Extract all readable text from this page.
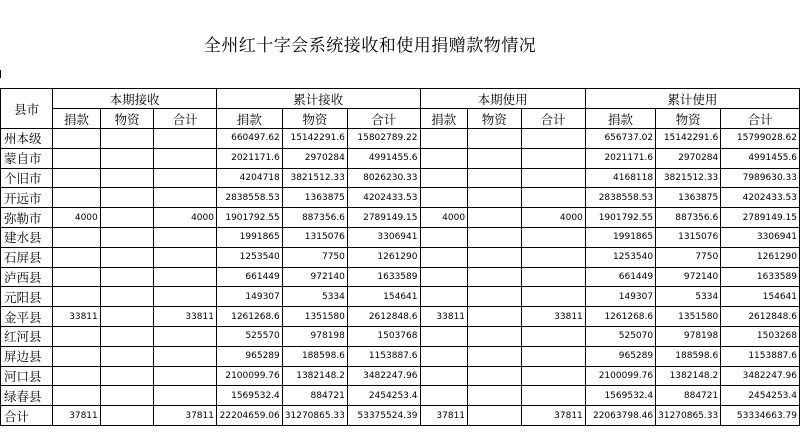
全州红十字会系统接收和使用捐赠款物情况
县市	本期接收			累计接收			本期使用			累计使用		
	捐款	物资	合计	捐款	物资	合计	捐款	物资	合计	捐款	物资	合计
州本级				660497.62	15142291.6	15802789.22				656737.02	15142291.6	15799028.62
蒙自市				2021171.6	2970284	4991455.6				2021171.6	2970284	4991455.6
个旧市				4204718	3821512.33	8026230.33				4168118	3821512.33	7989630.33
开远市				2838558.53	1363875	4202433.53				2838558.53	1363875	4202433.53
弥勒市	4000		4000	1901792.55	887356.6	2789149.15	4000		4000	1901792.55	887356.6	2789149.15
建水县				1991865	1315076	3306941				1991865	1315076	3306941
石屏县				1253540	7750	1261290				1253540	7750	1261290
泸西县				661449	972140	1633589				661449	972140	1633589
元阳县				149307	5334	154641				149307	5334	154641
金平县	33811		33811	1261268.6	1351580	2612848.6	33811		33811	1261268.6	1351580	2612848.6
红河县				525570	978198	1503768				525070	978198	1503268
屏边县				965289	188598.6	1153887.6				965289	188598.6	1153887.6
河口县				2100099.76	1382148.2	3482247.96				2100099.76	1382148.2	3482247.96
绿春县				1569532.4	884721	2454253.4				1569532.4	884721	2454253.4
合计	37811		37811	22204659.06	31270865.33	53375524.39	37811		37811	22063798.46	31270865.33	53334663.79
